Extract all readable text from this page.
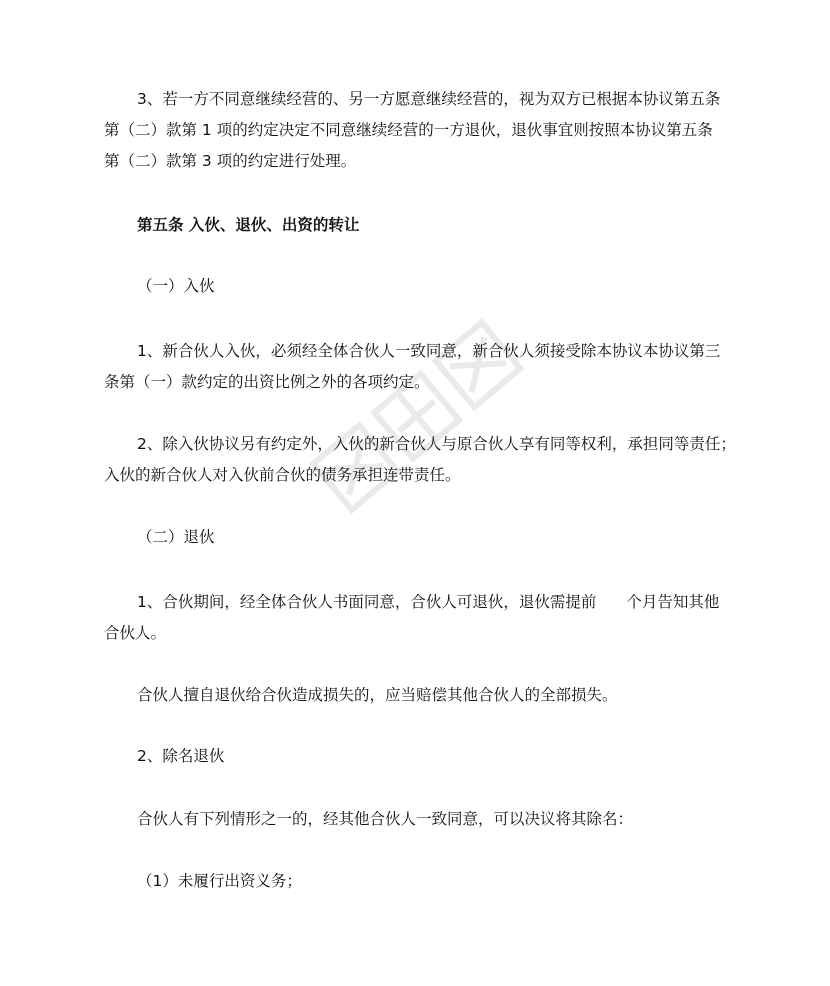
3、若一方不同意继续经营的、另一方愿意继续经营的，视为双方已根据本协议第五条
第（二）款第 1 项的约定决定不同意继续经营的一方退伙，退伙事宜则按照本协议第五条
第（二）款第 3 项的约定进行处理。

第五条 入伙、退伙、出资的转让

（一）入伙

1、新合伙人入伙，必须经全体合伙人一致同意，新合伙人须接受除本协议本协议第三
条第（一）款约定的出资比例之外的各项约定。

2、除入伙协议另有约定外，入伙的新合伙人与原合伙人享有同等权利，承担同等责任；
入伙的新合伙人对入伙前合伙的债务承担连带责任。

（二）退伙

1、合伙期间，经全体合伙人书面同意，合伙人可退伙，退伙需提前 个月告知其他
合伙人。

合伙人擅自退伙给合伙造成损失的，应当赔偿其他合伙人的全部损失。

2、除名退伙

合伙人有下列情形之一的，经其他合伙人一致同意，可以决议将其除名：

（1）未履行出资义务；
